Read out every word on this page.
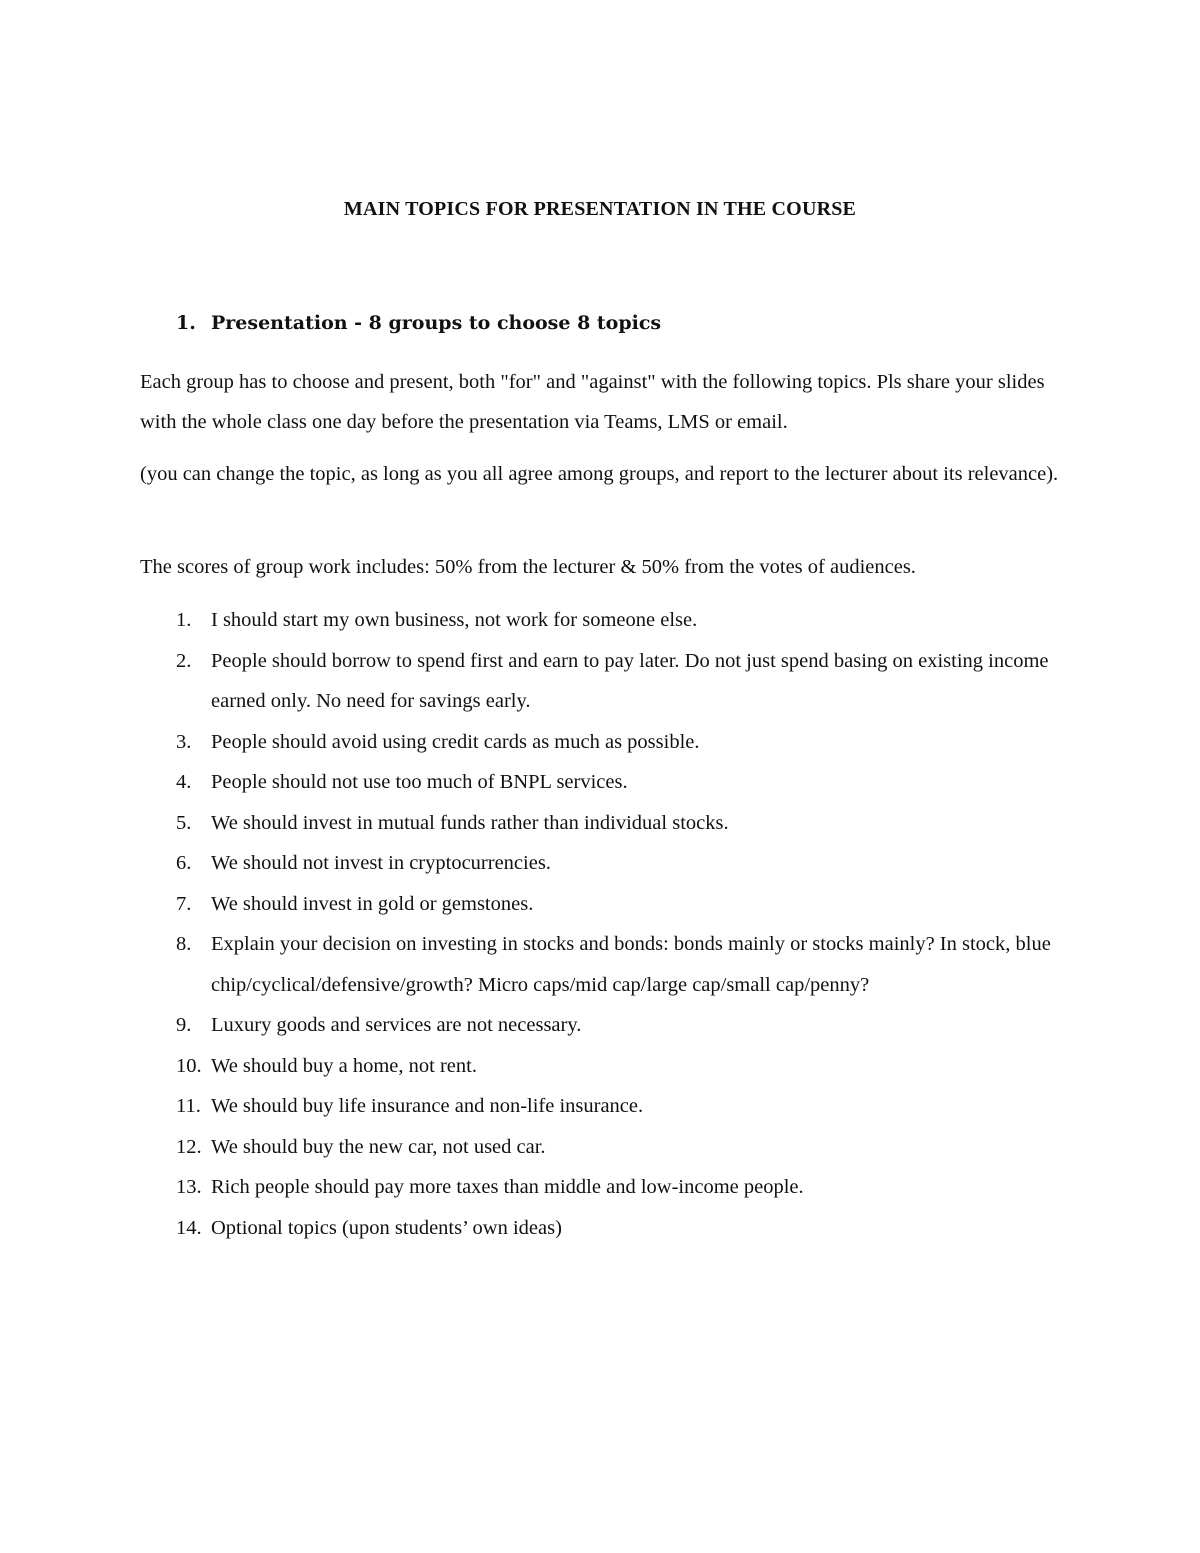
MAIN TOPICS FOR PRESENTATION IN THE COURSE
1. Presentation - 8 groups to choose 8 topics

Each group has to choose and present, both "for" and "against" with the following topics. Pls share your slides with the whole class one day before the presentation via Teams, LMS or email.

(you can change the topic, as long as you all agree among groups, and report to the lecturer about its relevance).

The scores of group work includes: 50% from the lecturer & 50% from the votes of audiences.

1. I should start my own business, not work for someone else.
2. People should borrow to spend first and earn to pay later. Do not just spend basing on existing income earned only. No need for savings early.
3. People should avoid using credit cards as much as possible.
4. People should not use too much of BNPL services.
5. We should invest in mutual funds rather than individual stocks.
6. We should not invest in cryptocurrencies.
7. We should invest in gold or gemstones.
8. Explain your decision on investing in stocks and bonds: bonds mainly or stocks mainly? In stock, blue chip/cyclical/defensive/growth? Micro caps/mid cap/large cap/small cap/penny?
9. Luxury goods and services are not necessary.
10. We should buy a home, not rent.
11. We should buy life insurance and non-life insurance.
12. We should buy the new car, not used car.
13. Rich people should pay more taxes than middle and low-income people.
14. Optional topics (upon students’ own ideas)
